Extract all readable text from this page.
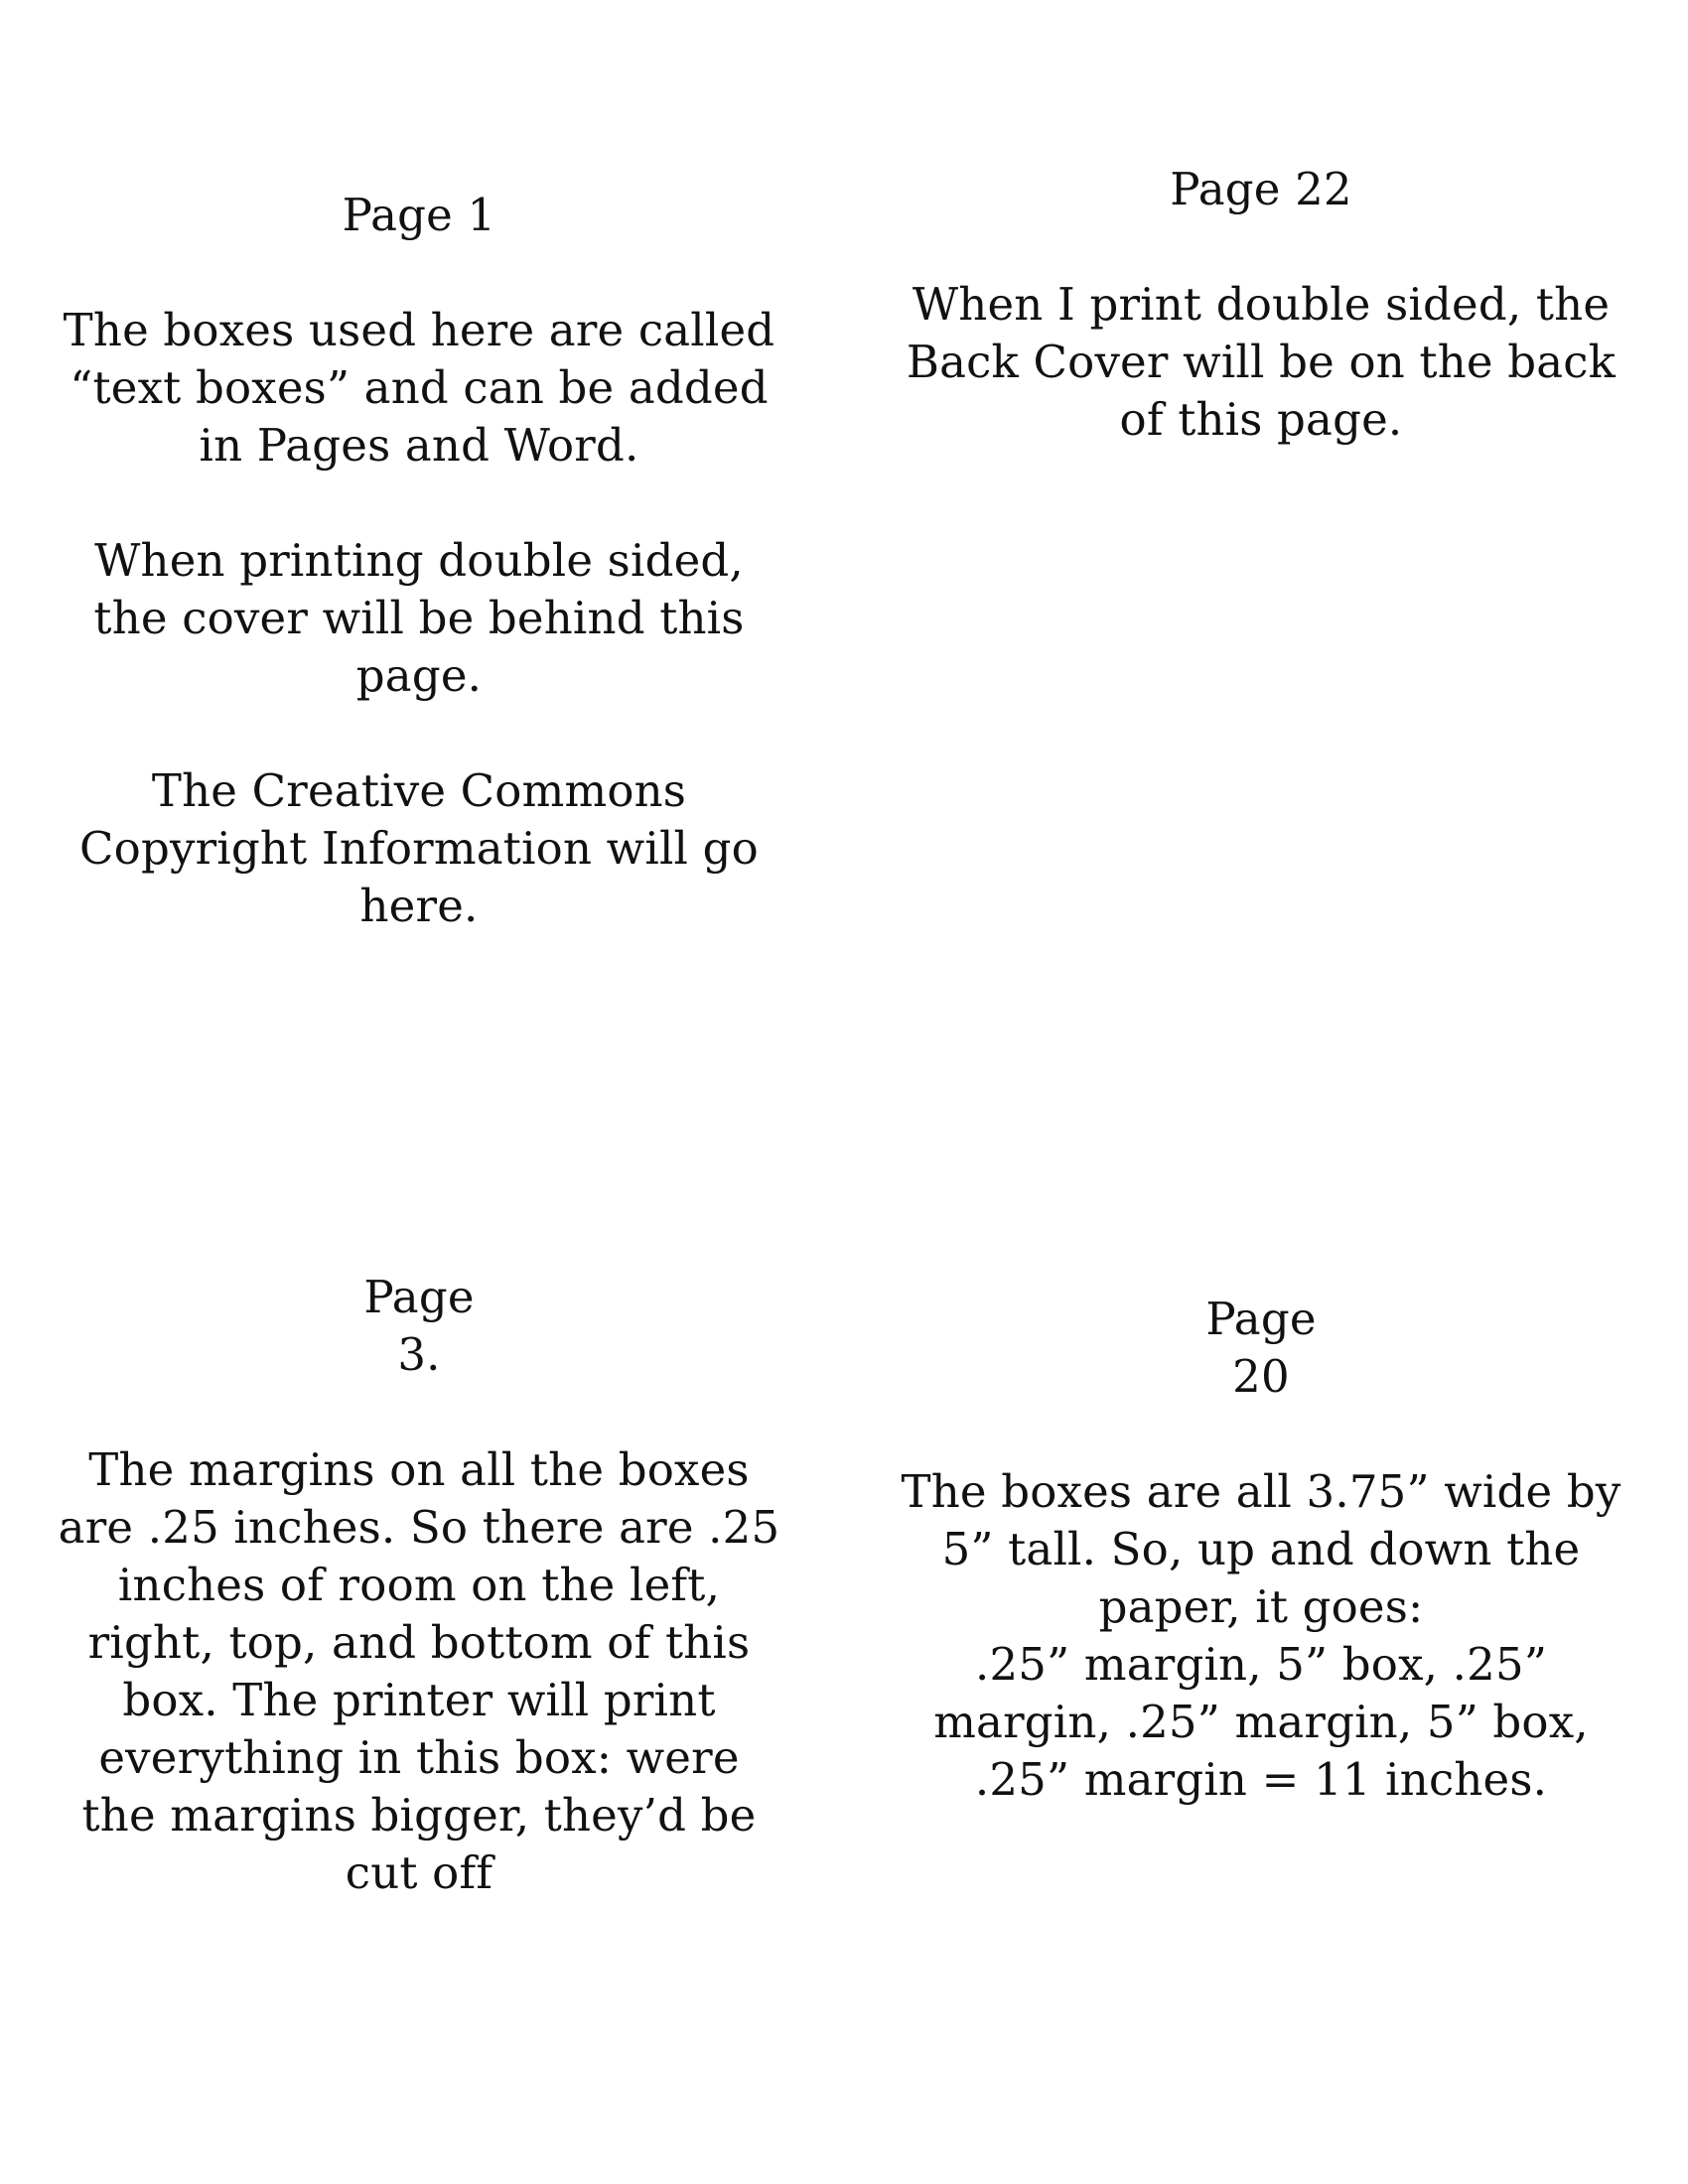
Page 1

The boxes used here are called
“text boxes” and can be added
in Pages and Word.

When printing double sided,
the cover will be behind this
page.

The Creative Commons
Copyright Information will go
here.

Page 22

When I print double sided, the
Back Cover will be on the back
of this page.

Page
3.

The margins on all the boxes
are .25 inches. So there are .25
inches of room on the left,
right, top, and bottom of this
box. The printer will print
everything in this box: were
the margins bigger, they’d be
cut off

Page
20

The boxes are all 3.75” wide by
5” tall. So, up and down the
paper, it goes:
.25” margin, 5” box, .25”
margin, .25” margin, 5” box,
.25” margin = 11 inches.
